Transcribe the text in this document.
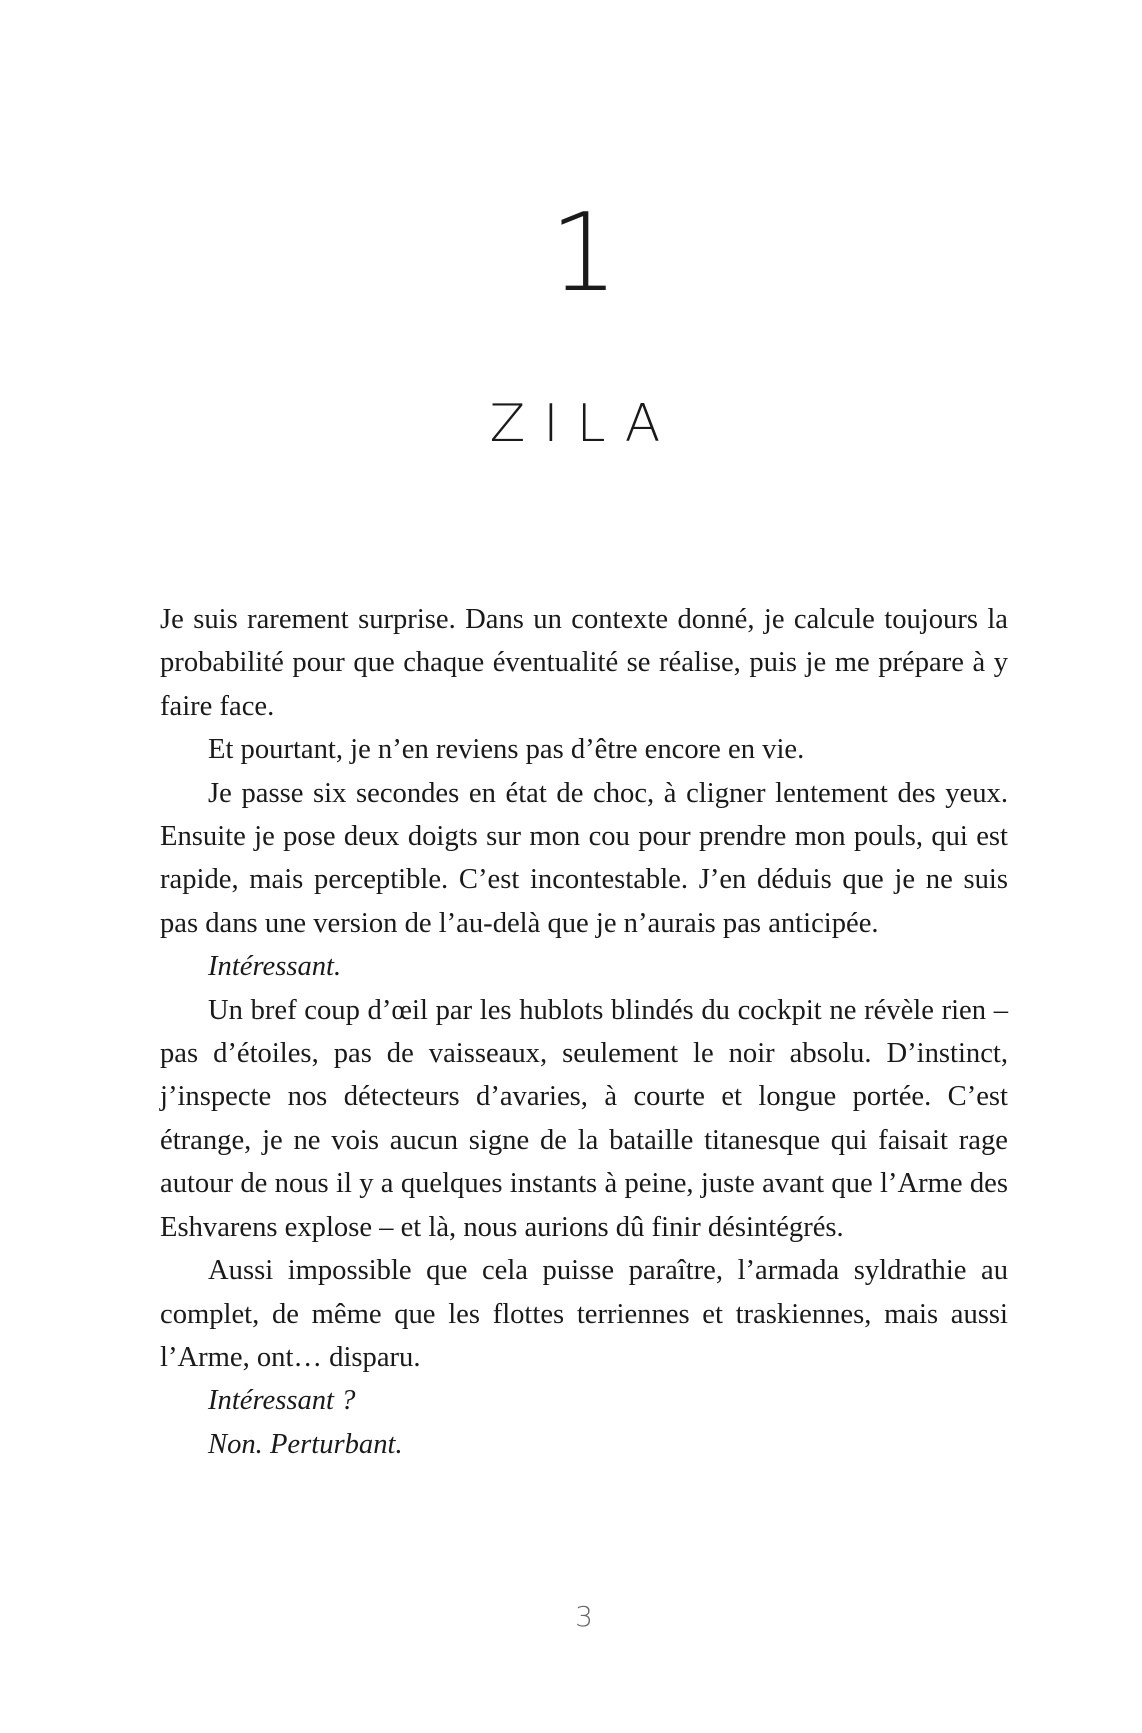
1
ZILA

Je suis rarement surprise. Dans un contexte donné, je calcule toujours la probabilité pour que chaque éventualité se réalise, puis je me prépare à y faire face.

Et pourtant, je n’en reviens pas d’être encore en vie.

Je passe six secondes en état de choc, à cligner lentement des yeux. Ensuite je pose deux doigts sur mon cou pour prendre mon pouls, qui est rapide, mais perceptible. C’est incontestable. J’en déduis que je ne suis pas dans une version de l’au-delà que je n’aurais pas anticipée.

Intéressant.

Un bref coup d’œil par les hublots blindés du cockpit ne révèle rien – pas d’étoiles, pas de vaisseaux, seulement le noir absolu. D’instinct, j’inspecte nos détecteurs d’avaries, à courte et longue portée. C’est étrange, je ne vois aucun signe de la bataille titanesque qui faisait rage autour de nous il y a quelques instants à peine, juste avant que l’Arme des Eshvarens explose – et là, nous aurions dû finir désintégrés.

Aussi impossible que cela puisse paraître, l’armada syldrathie au complet, de même que les flottes terriennes et traskiennes, mais aussi l’Arme, ont… disparu.

Intéressant ?

Non. Perturbant.

3
